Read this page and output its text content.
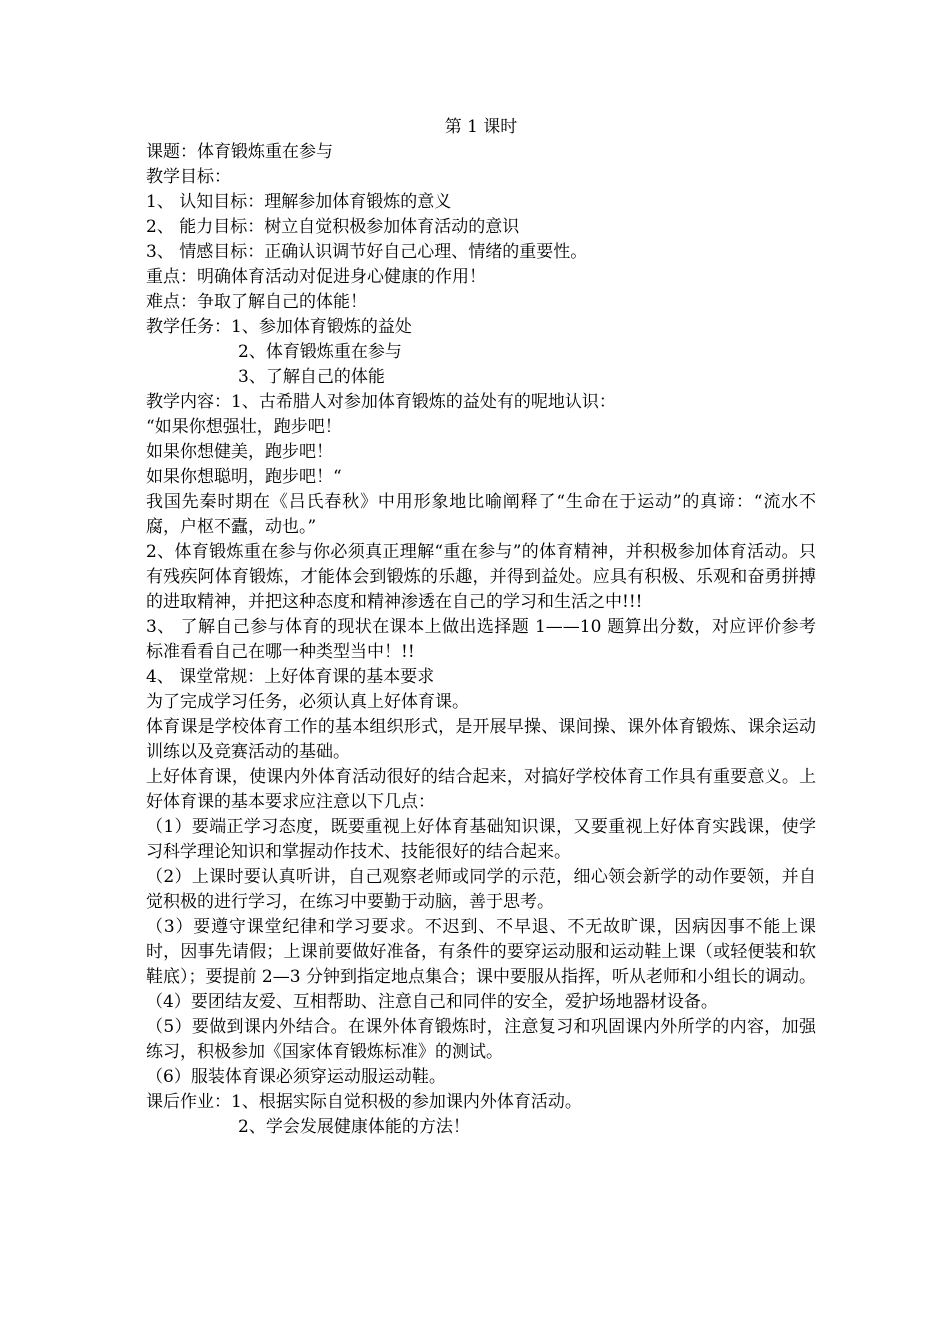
第 1 课时
课题：体育锻炼重在参与
教学目标：
1、 认知目标：理解参加体育锻炼的意义
2、 能力目标：树立自觉积极参加体育活动的意识
3、 情感目标：正确认识调节好自己心理、情绪的重要性。
重点：明确体育活动对促进身心健康的作用！
难点：争取了解自己的体能！
教学任务：1、参加体育锻炼的益处
2、体育锻炼重在参与
3、了解自己的体能
教学内容：1、古希腊人对参加体育锻炼的益处有的呢地认识：
“如果你想强壮，跑步吧！
如果你想健美，跑步吧！
如果你想聪明，跑步吧！“
我国先秦时期在《吕氏春秋》中用形象地比喻阐释了“生命在于运动”的真谛：“流水不腐，户枢不蠹，动也。”
2、体育锻炼重在参与你必须真正理解“重在参与”的体育精神，并积极参加体育活动。只有残疾阿体育锻炼，才能体会到锻炼的乐趣，并得到益处。应具有积极、乐观和奋勇拼搏的进取精神，并把这种态度和精神渗透在自己的学习和生活之中!!!
3、 了解自己参与体育的现状在课本上做出选择题 1——10 题算出分数，对应评价参考标准看看自己在哪一种类型当中！!!
4、 课堂常规：上好体育课的基本要求
为了完成学习任务，必须认真上好体育课。
体育课是学校体育工作的基本组织形式，是开展早操、课间操、课外体育锻炼、课余运动训练以及竞赛活动的基础。
上好体育课，使课内外体育活动很好的结合起来，对搞好学校体育工作具有重要意义。上好体育课的基本要求应注意以下几点：
（1）要端正学习态度，既要重视上好体育基础知识课，又要重视上好体育实践课，使学习科学理论知识和掌握动作技术、技能很好的结合起来。
（2）上课时要认真听讲，自己观察老师或同学的示范，细心领会新学的动作要领，并自觉积极的进行学习，在练习中要勤于动脑，善于思考。
（3）要遵守课堂纪律和学习要求。不迟到、不早退、不无故旷课，因病因事不能上课时，因事先请假；上课前要做好准备，有条件的要穿运动服和运动鞋上课（或轻便装和软鞋底）；要提前 2—3 分钟到指定地点集合；课中要服从指挥，听从老师和小组长的调动。
（4）要团结友爱、互相帮助、注意自己和同伴的安全，爱护场地器材设备。
（5）要做到课内外结合。在课外体育锻炼时，注意复习和巩固课内外所学的内容，加强练习，积极参加《国家体育锻炼标准》的测试。
（6）服装体育课必须穿运动服运动鞋。
课后作业：1、根据实际自觉积极的参加课内外体育活动。
2、学会发展健康体能的方法！
